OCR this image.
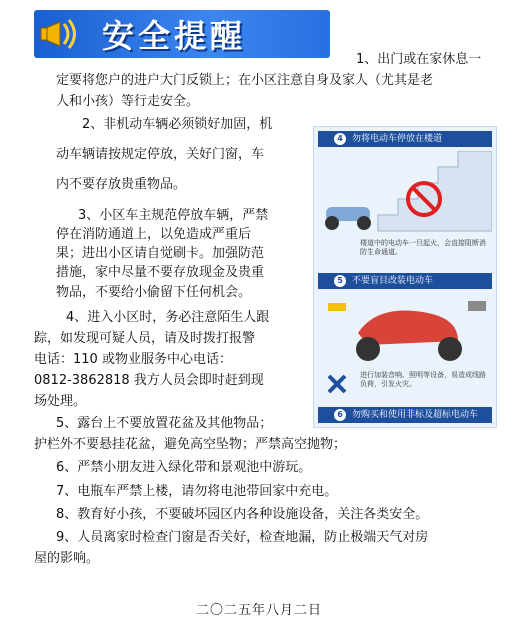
安全提醒
1、出门或在家休息一
定要将您户的进户大门反锁上；在小区注意自身及家人（尤其是老
人和小孩）等行走安全。
2、非机动车辆必须锁好加固，机
动车辆请按规定停放，关好门窗，车
内不要存放贵重物品。
3、小区车主规范停放车辆，严禁
停在消防通道上，以免造成严重后
果；进出小区请自觉刷卡。加强防范
措施，家中尽量不要存放现金及贵重
物品，不要给小偷留下任何机会。
4、进入小区时，务必注意陌生人跟
踪，如发现可疑人员，请及时拨打报警
电话：110 或物业服务中心电话：
0812-3862818 我方人员会即时赶到现
场处理。
5、露台上不要放置花盆及其他物品；
护栏外不要悬挂花盆，避免高空坠物；严禁高空抛物；
6、严禁小朋友进入绿化带和景观池中游玩。
7、电瓶车严禁上楼，请勿将电池带回家中充电。
8、教育好小孩，不要破坏园区内各种设施设备，关注各类安全。
9、人员离家时检查门窗是否关好，检查地漏，防止极端天气对房
屋的影响。
4	勿将电动车停放在楼道
楼道中的电动车一旦起火，会直接阻断消防生命通道。
5	不要盲目改装电动车
进行加装音响、照明等设备，易造成线路负荷，引发火灾。
6	勿购买和使用非标及超标电动车
二〇二五年八月二日
